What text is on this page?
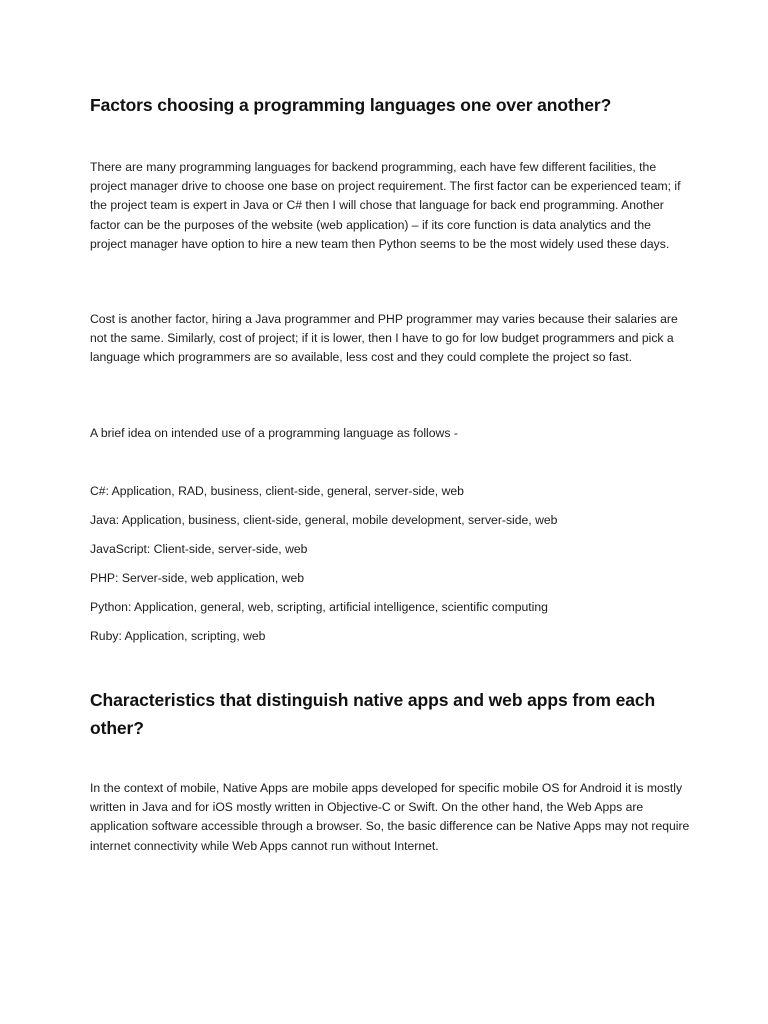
Factors choosing a programming languages one over another?

There are many programming languages for backend programming, each have few different facilities, the project manager drive to choose one base on project requirement. The first factor can be experienced team; if the project team is expert in Java or C# then I will chose that language for back end programming. Another factor can be the purposes of the website (web application) – if its core function is data analytics and the project manager have option to hire a new team then Python seems to be the most widely used these days.

Cost is another factor, hiring a Java programmer and PHP programmer may varies because their salaries are not the same. Similarly, cost of project; if it is lower, then I have to go for low budget programmers and pick a language which programmers are so available, less cost and they could complete the project so fast.

A brief idea on intended use of a programming language as follows -

C#: Application, RAD, business, client-side, general, server-side, web
Java: Application, business, client-side, general, mobile development, server-side, web
JavaScript: Client-side, server-side, web
PHP: Server-side, web application, web
Python: Application, general, web, scripting, artificial intelligence, scientific computing
Ruby: Application, scripting, web
Characteristics that distinguish native apps and web apps from each other?

In the context of mobile, Native Apps are mobile apps developed for specific mobile OS for Android it is mostly written in Java and for iOS mostly written in Objective-C or Swift. On the other hand, the Web Apps are application software accessible through a browser. So, the basic difference can be Native Apps may not require internet connectivity while Web Apps cannot run without Internet.
